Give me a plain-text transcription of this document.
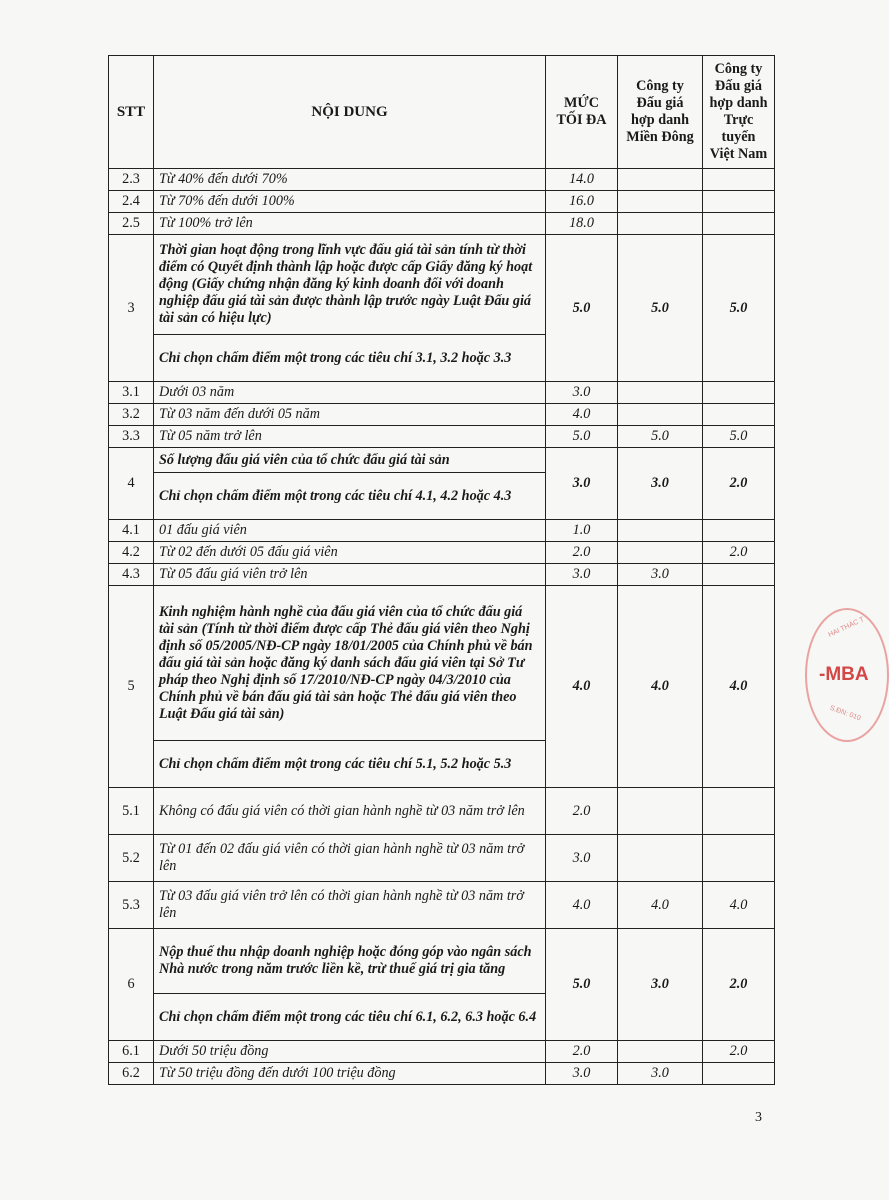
STT	NỘI DUNG	MỨC TỐI ĐA	Công ty Đấu giá hợp danh Miền Đông	Công ty Đấu giá hợp danh Trực tuyến Việt Nam
2.3	Từ 40% đến dưới 70%	14.0		
2.4	Từ 70% đến dưới 100%	16.0		
2.5	Từ 100% trở lên	18.0		
3	Thời gian hoạt động trong lĩnh vực đấu giá tài sản tính từ thời điểm có Quyết định thành lập hoặc được cấp Giấy đăng ký hoạt động (Giấy chứng nhận đăng ký kinh doanh đối với doanh nghiệp đấu giá tài sản được thành lập trước ngày Luật Đấu giá tài sản có hiệu lực)	5.0	5.0	5.0
	Chỉ chọn chấm điểm một trong các tiêu chí 3.1, 3.2 hoặc 3.3			
3.1	Dưới 03 năm	3.0		
3.2	Từ 03 năm đến dưới 05 năm	4.0		
3.3	Từ 05 năm trở lên	5.0	5.0	5.0
4	Số lượng đấu giá viên của tổ chức đấu giá tài sản	3.0	3.0	2.0
	Chỉ chọn chấm điểm một trong các tiêu chí 4.1, 4.2 hoặc 4.3			
4.1	01 đấu giá viên	1.0		
4.2	Từ 02 đến dưới 05 đấu giá viên	2.0		2.0
4.3	Từ 05 đấu giá viên trở lên	3.0	3.0	
5	Kinh nghiệm hành nghề của đấu giá viên của tổ chức đấu giá tài sản (Tính từ thời điểm được cấp Thẻ đấu giá viên theo Nghị định số 05/2005/NĐ-CP ngày 18/01/2005 của Chính phủ về bán đấu giá tài sản hoặc đăng ký danh sách đấu giá viên tại Sở Tư pháp theo Nghị định số 17/2010/NĐ-CP ngày 04/3/2010 của Chính phủ về bán đấu giá tài sản hoặc Thẻ đấu giá viên theo Luật Đấu giá tài sản)	4.0	4.0	4.0
	Chỉ chọn chấm điểm một trong các tiêu chí 5.1, 5.2 hoặc 5.3			
5.1	Không có đấu giá viên có thời gian hành nghề từ 03 năm trở lên	2.0		
5.2	Từ 01 đến 02 đấu giá viên có thời gian hành nghề từ 03 năm trở lên	3.0		
5.3	Từ 03 đấu giá viên trở lên có thời gian hành nghề từ 03 năm trở lên	4.0	4.0	4.0
6	Nộp thuế thu nhập doanh nghiệp hoặc đóng góp vào ngân sách Nhà nước trong năm trước liền kề, trừ thuế giá trị gia tăng	5.0	3.0	2.0
	Chỉ chọn chấm điểm một trong các tiêu chí 6.1, 6.2, 6.3 hoặc 6.4			
6.1	Dưới 50 triệu đồng	2.0		2.0
6.2	Từ 50 triệu đồng đến dưới 100 triệu đồng	3.0	3.0	
HAI THÁC T
-MBA
S.ĐN: 010
3
